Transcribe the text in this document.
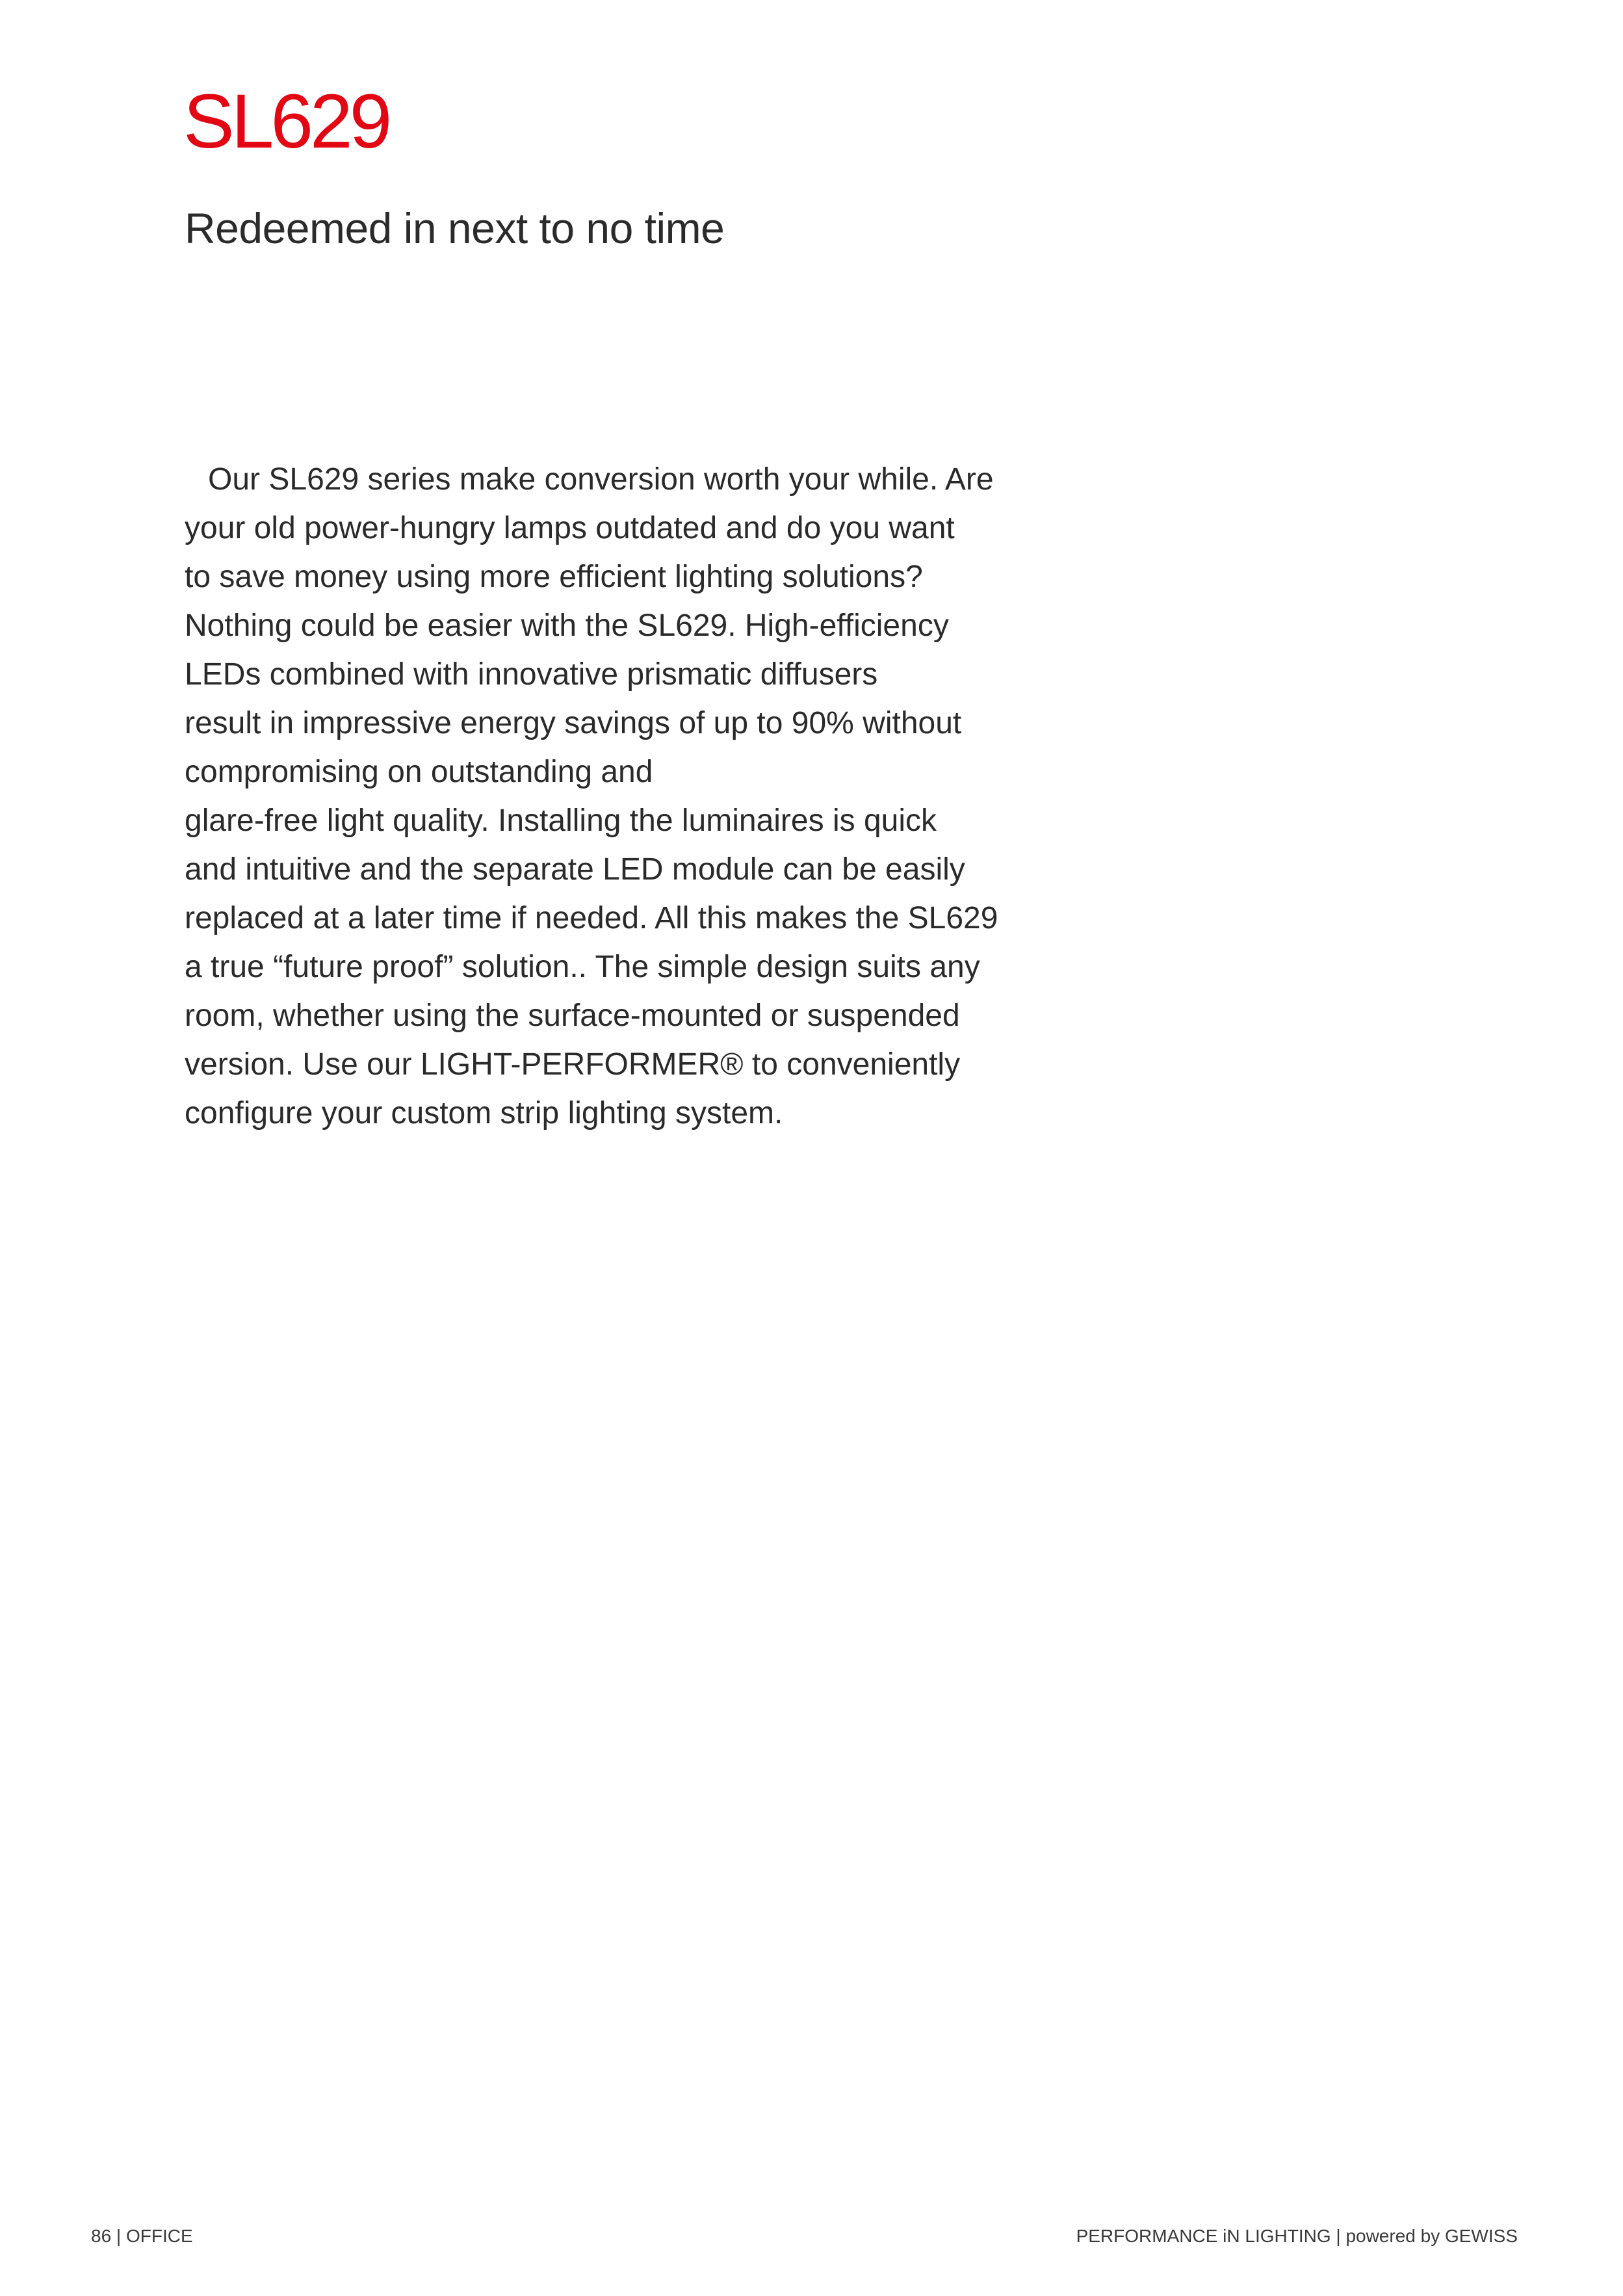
SL629
Redeemed in next to no time

Our SL629 series make conversion worth your while. Are
your old power-hungry lamps outdated and do you want
to save money using more efficient lighting solutions?
Nothing could be easier with the SL629. High-efficiency
LEDs combined with innovative prismatic diffusers
result in impressive energy savings of up to 90% without
compromising on outstanding and
glare-free light quality. Installing the luminaires is quick
and intuitive and the separate LED module can be easily
replaced at a later time if needed. All this makes the SL629
a true “future proof” solution.. The simple design suits any
room, whether using the surface-mounted or suspended
version. Use our LIGHT-PERFORMER® to conveniently
configure your custom strip lighting system.

86 | OFFICE	PERFORMANCE iN LIGHTING | powered by GEWISS
